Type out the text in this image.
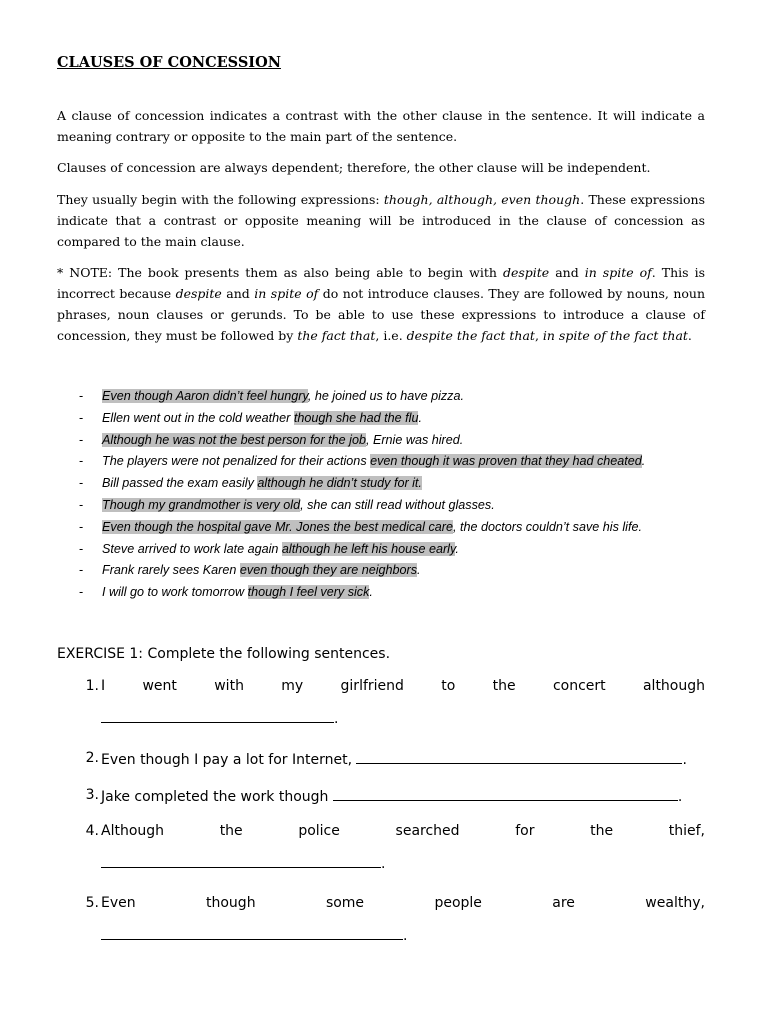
CLAUSES OF CONCESSION

A clause of concession indicates a contrast with the other clause in the sentence. It will indicate a meaning contrary or opposite to the main part of the sentence.

Clauses of concession are always dependent; therefore, the other clause will be independent.

They usually begin with the following expressions: though, although, even though. These expressions indicate that a contrast or opposite meaning will be introduced in the clause of concession as compared to the main clause.

* NOTE: The book presents them as also being able to begin with despite and in spite of. This is incorrect because despite and in spite of do not introduce clauses. They are followed by nouns, noun phrases, noun clauses or gerunds. To be able to use these expressions to introduce a clause of concession, they must be followed by the fact that, i.e. despite the fact that, in spite of the fact that.

- Even though Aaron didn’t feel hungry, he joined us to have pizza.
- Ellen went out in the cold weather though she had the flu.
- Although he was not the best person for the job, Ernie was hired.
- The players were not penalized for their actions even though it was proven that they had cheated.
- Bill passed the exam easily although he didn’t study for it.
- Though my grandmother is very old, she can still read without glasses.
- Even though the hospital gave Mr. Jones the best medical care, the doctors couldn’t save his life.
- Steve arrived to work late again although he left his house early.
- Frank rarely sees Karen even though they are neighbors.
- I will go to work tomorrow though I feel very sick.
EXERCISE 1: Complete the following sentences.
1. I	went	with	my	girlfriend	to	the	concert	although
.
2. Even though I pay a lot for Internet,	.
3. Jake completed the work though	.
4. Although	the	police	searched	for	the	thief,
.
5. Even	though	some	people	are	wealthy,
.
